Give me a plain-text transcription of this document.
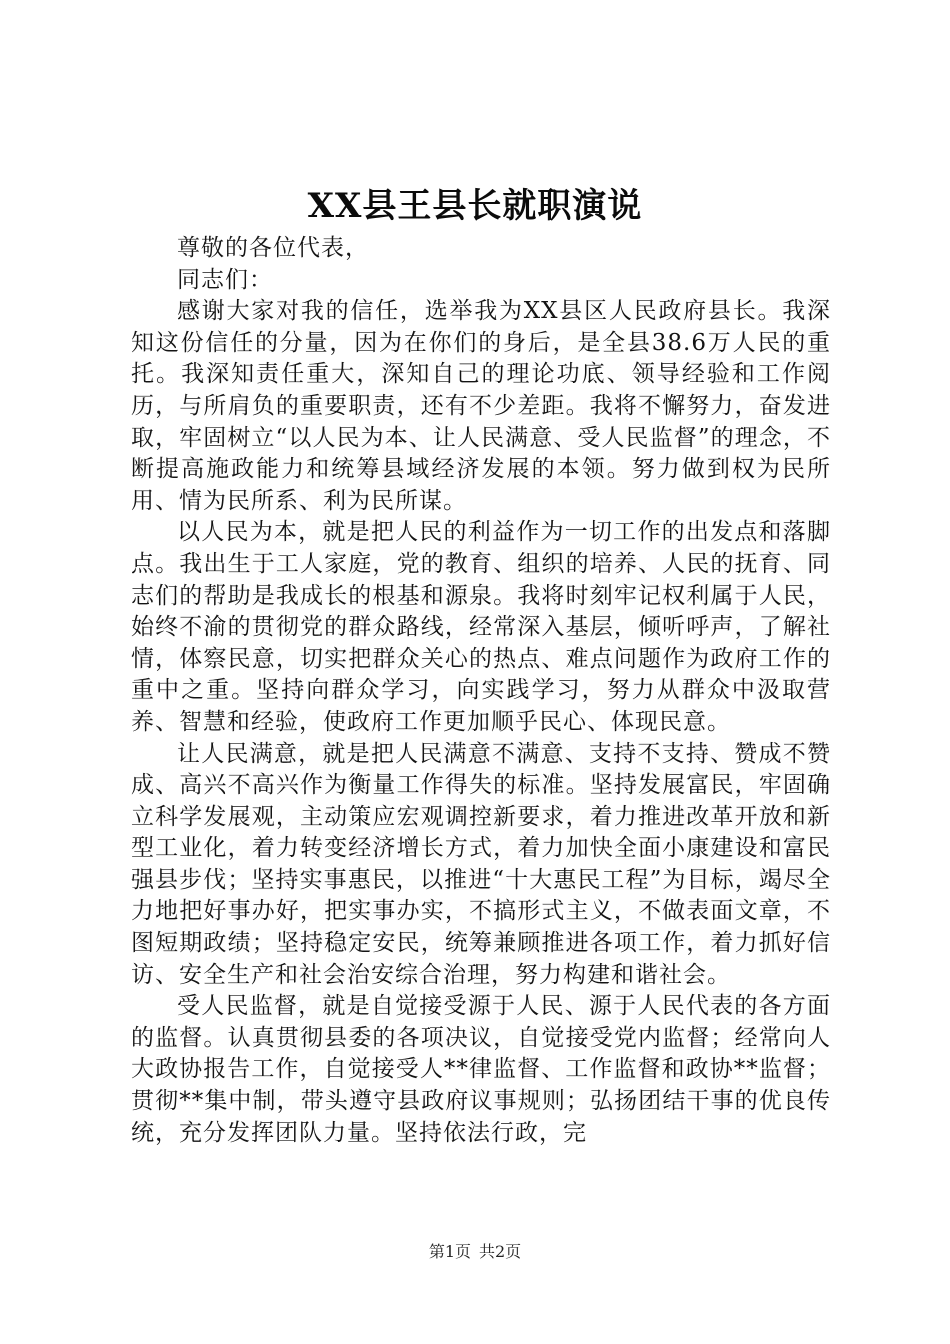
XX县王县长就职演说

尊敬的各位代表，

同志们：

感谢大家对我的信任，选举我为XX县区人民政府县长。我深知这份信任的分量，因为在你们的身后，是全县38.6万人民的重托。我深知责任重大，深知自己的理论功底、领导经验和工作阅历，与所肩负的重要职责，还有不少差距。我将不懈努力，奋发进取，牢固树立“以人民为本、让人民满意、受人民监督”的理念，不断提高施政能力和统筹县域经济发展的本领。努力做到权为民所用、情为民所系、利为民所谋。

以人民为本，就是把人民的利益作为一切工作的出发点和落脚点。我出生于工人家庭，党的教育、组织的培养、人民的抚育、同志们的帮助是我成长的根基和源泉。我将时刻牢记权利属于人民，始终不渝的贯彻党的群众路线，经常深入基层，倾听呼声，了解社情，体察民意，切实把群众关心的热点、难点问题作为政府工作的重中之重。坚持向群众学习，向实践学习，努力从群众中汲取营养、智慧和经验，使政府工作更加顺乎民心、体现民意。

让人民满意，就是把人民满意不满意、支持不支持、赞成不赞成、高兴不高兴作为衡量工作得失的标准。坚持发展富民，牢固确立科学发展观，主动策应宏观调控新要求，着力推进改革开放和新型工业化，着力转变经济增长方式，着力加快全面小康建设和富民强县步伐；坚持实事惠民，以推进“十大惠民工程”为目标，竭尽全力地把好事办好，把实事办实，不搞形式主义，不做表面文章，不图短期政绩；坚持稳定安民，统筹兼顾推进各项工作，着力抓好信访、安全生产和社会治安综合治理，努力构建和谐社会。

受人民监督，就是自觉接受源于人民、源于人民代表的各方面的监督。认真贯彻县委的各项决议，自觉接受党内监督；经常向人大政协报告工作，自觉接受人**律监督、工作监督和政协**监督；贯彻**集中制，带头遵守县政府议事规则；弘扬团结干事的优良传统，充分发挥团队力量。坚持依法行政，完

第1页 共2页
